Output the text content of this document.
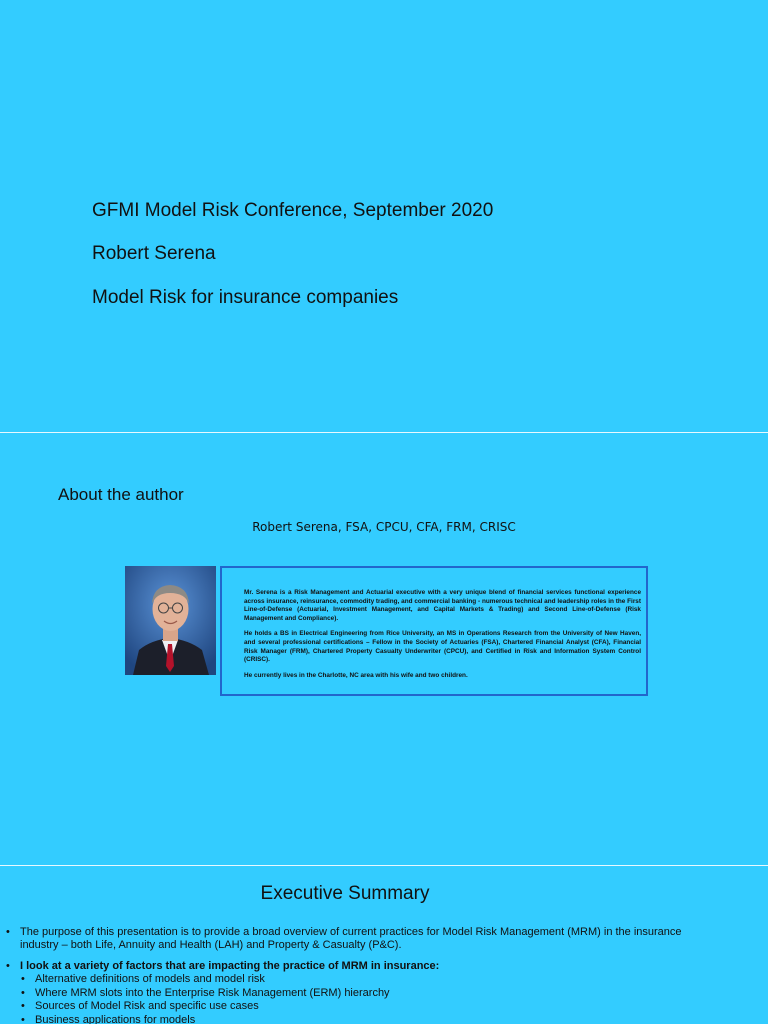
GFMI Model Risk Conference, September 2020
Robert Serena
Model Risk for insurance companies
About the author
Robert Serena, FSA, CPCU, CFA, FRM, CRISC

Mr. Serena is a Risk Management and Actuarial executive with a very unique blend of financial services functional experience across insurance, reinsurance, commodity trading, and commercial banking - numerous technical and leadership roles in the First Line-of-Defense (Actuarial, Investment Management, and Capital Markets & Trading) and Second Line-of-Defense (Risk Management and Compliance).

He holds a BS in Electrical Engineering from Rice University, an MS in Operations Research from the University of New Haven, and several professional certifications – Fellow in the Society of Actuaries (FSA), Chartered Financial Analyst (CFA), Financial Risk Manager (FRM), Chartered Property Casualty Underwriter (CPCU), and Certified in Risk and Information System Control (CRISC).

He currently lives in the Charlotte, NC area with his wife and two children.

Executive Summary
• The purpose of this presentation is to provide a broad overview of current practices for Model Risk Management (MRM) in the insurance industry – both Life, Annuity and Health (LAH) and Property & Casualty (P&C).
• I look at a variety of factors that are impacting the practice of MRM in insurance:
• Alternative definitions of models and model risk
• Where MRM slots into the Enterprise Risk Management (ERM) hierarchy
• Sources of Model Risk and specific use cases
• Business applications for models
